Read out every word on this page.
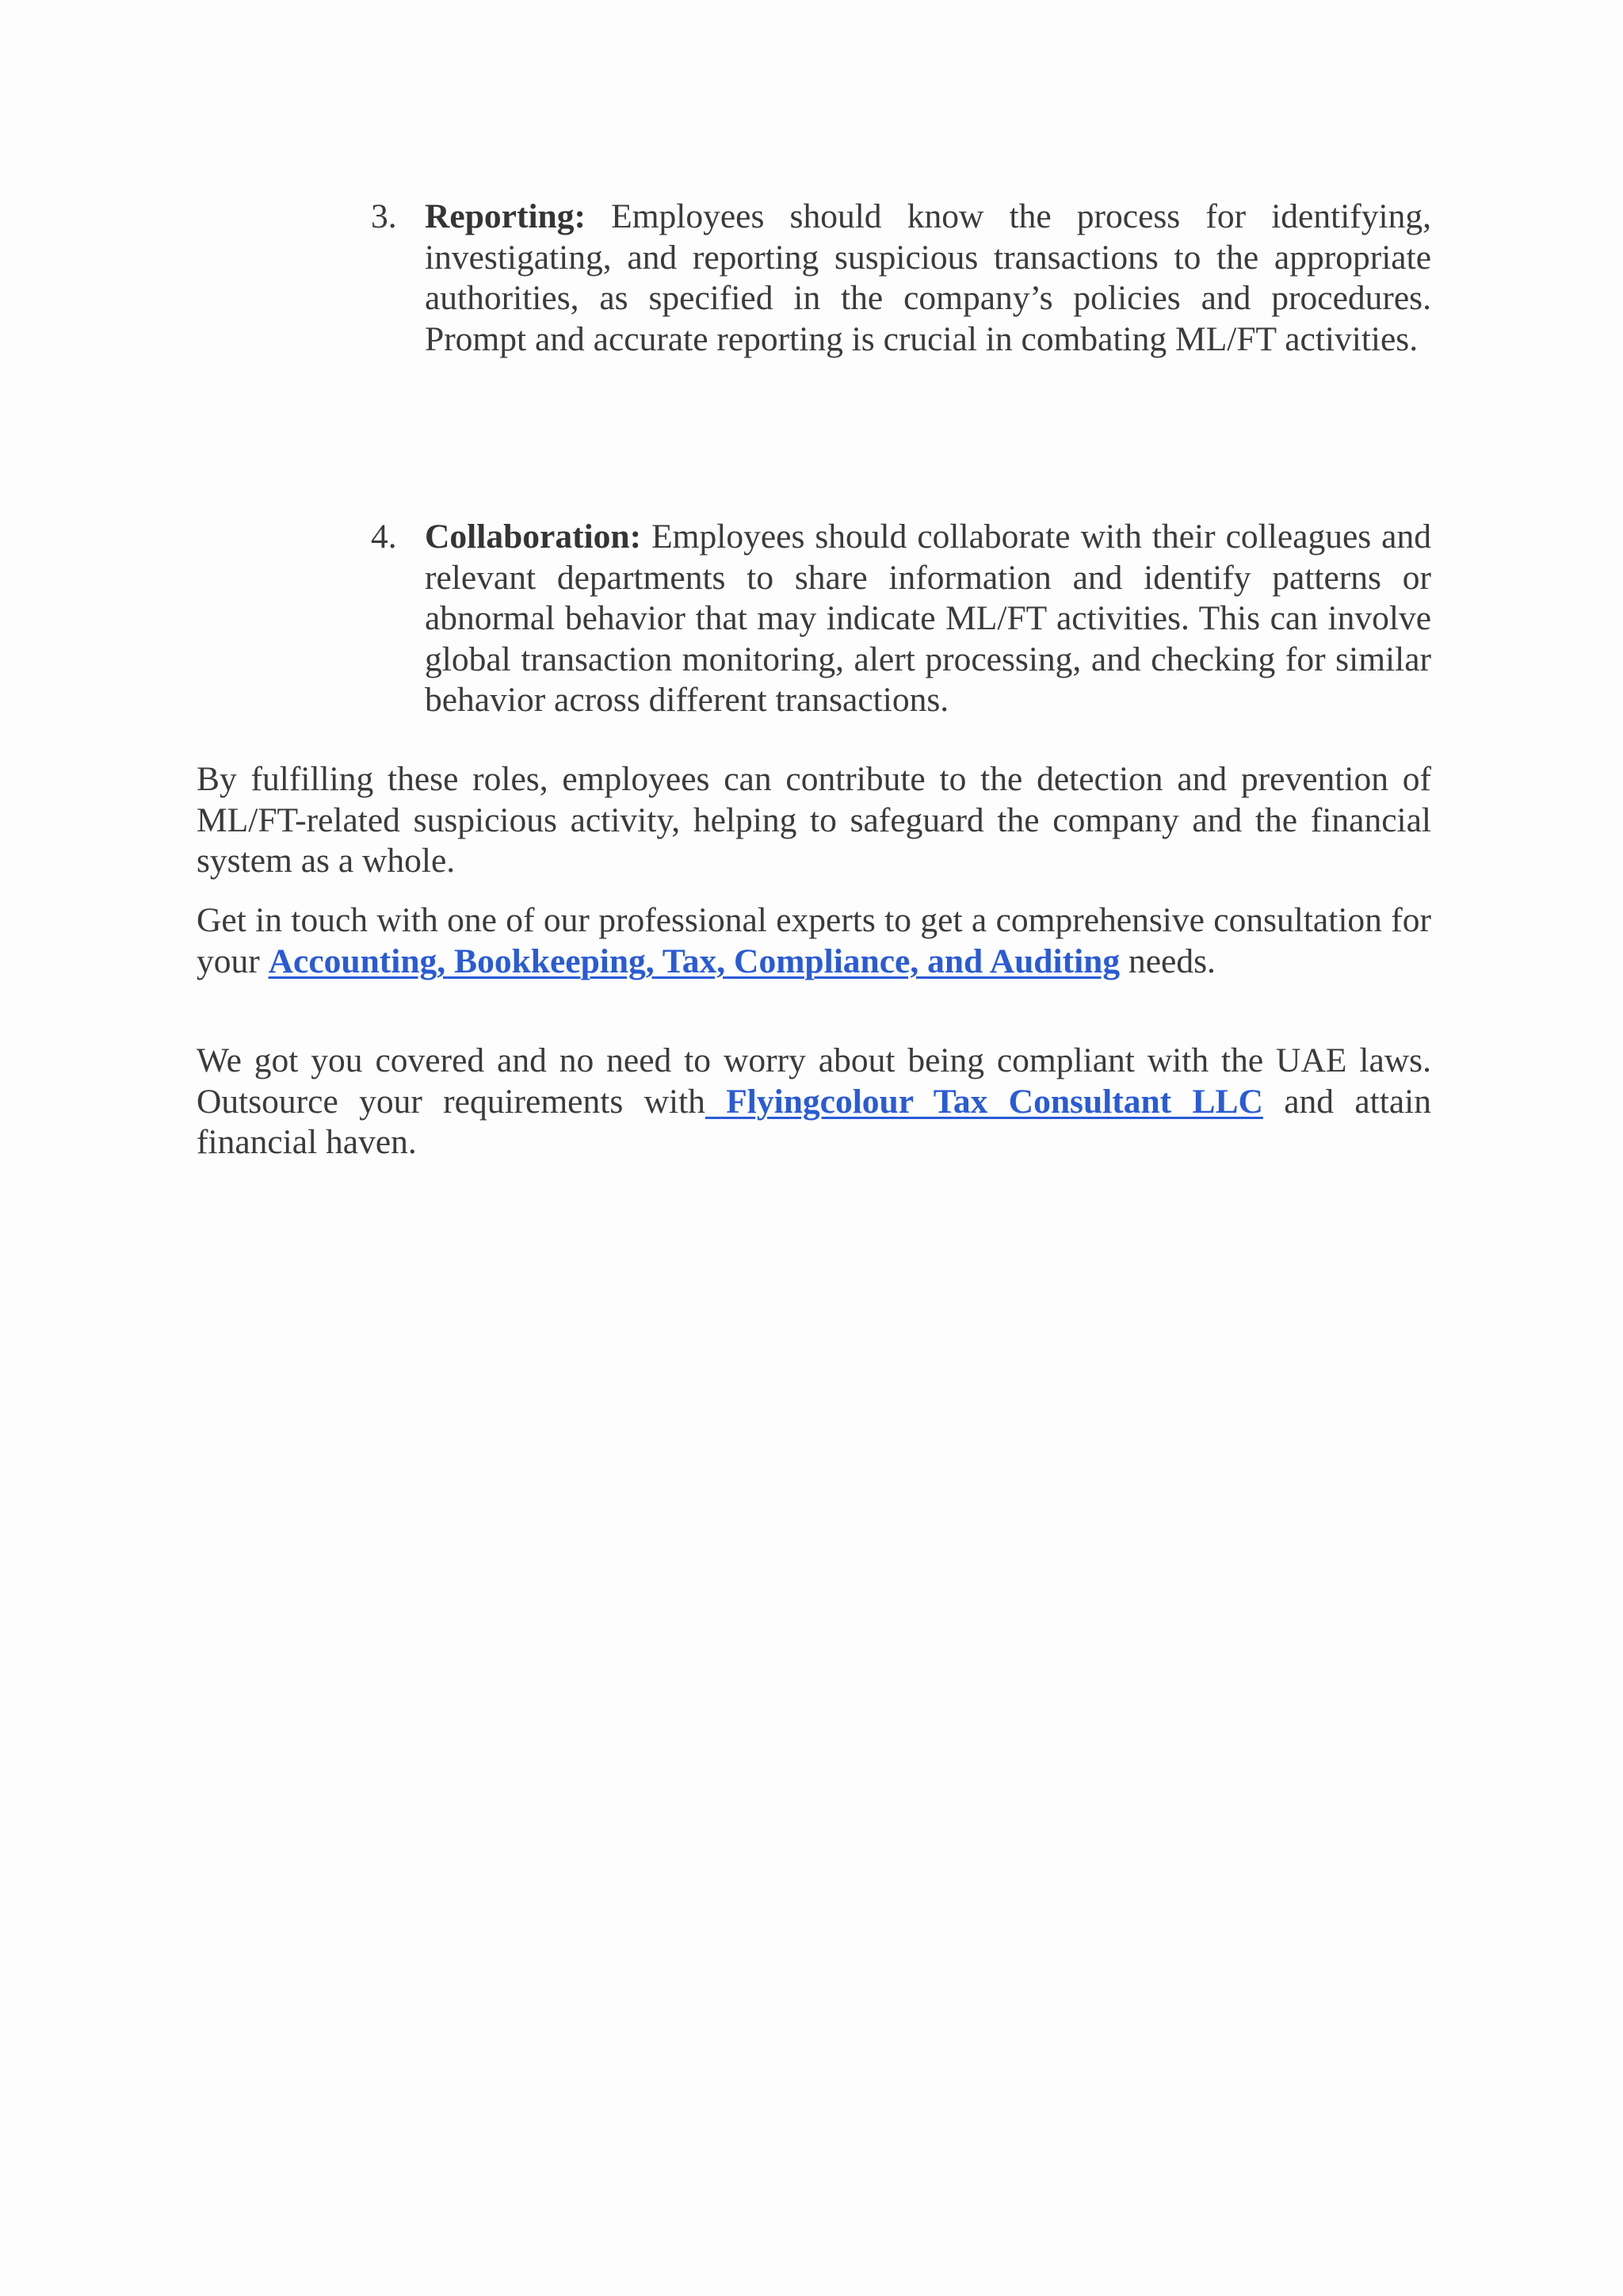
3. Reporting: Employees should know the process for identifying, investigating, and reporting suspicious transactions to the appropriate authorities, as specified in the company’s policies and procedures. Prompt and accurate reporting is crucial in combating ML/FT activities.
4. Collaboration: Employees should collaborate with their colleagues and relevant departments to share information and identify patterns or abnormal behavior that may indicate ML/FT activities. This can involve global transaction monitoring, alert processing, and checking for similar behavior across different transactions.

By fulfilling these roles, employees can contribute to the detection and prevention of ML/FT-related suspicious activity, helping to safeguard the company and the financial system as a whole.

Get in touch with one of our professional experts to get a comprehensive consultation for your Accounting, Bookkeeping, Tax, Compliance, and Auditing needs.

We got you covered and no need to worry about being compliant with the UAE laws. Outsource your requirements with Flyingcolour Tax Consultant LLC and attain financial haven.
